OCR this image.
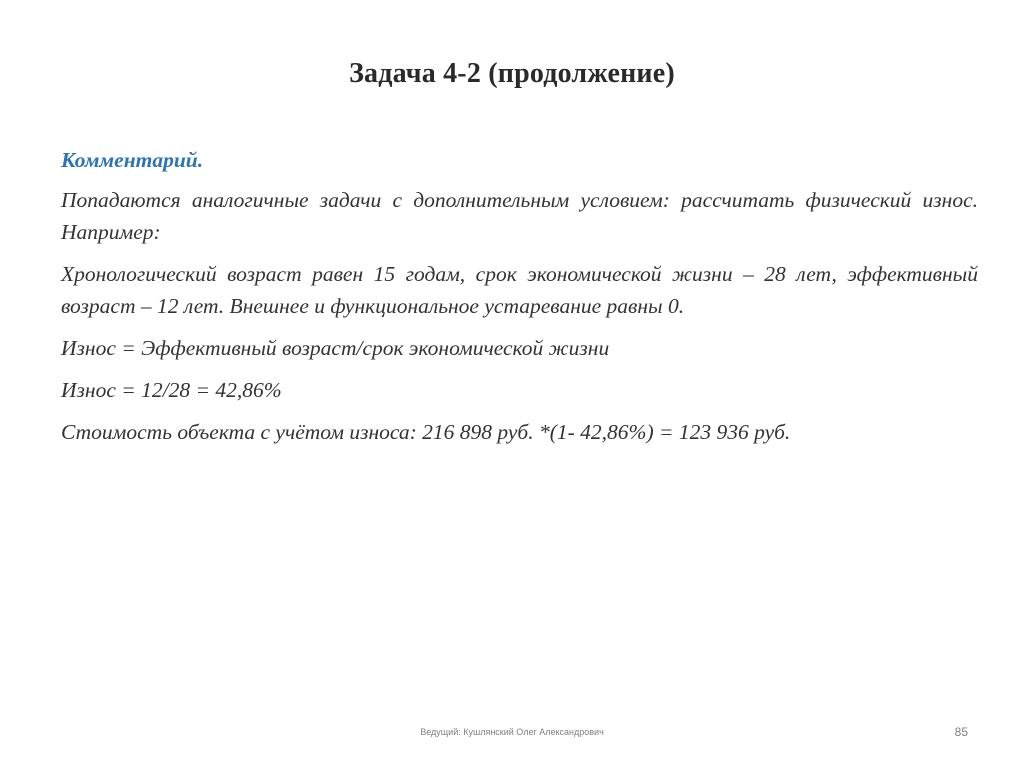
Задача 4-2 (продолжение)

Комментарий.

Попадаются аналогичные задачи с дополнительным условием: рассчитать физический износ. Например:

Хронологический возраст равен 15 годам, срок экономической жизни – 28 лет, эффективный возраст – 12 лет. Внешнее и функциональное устаревание равны 0.

Износ = Эффективный возраст/срок экономической жизни

Износ = 12/28 = 42,86%

Стоимость объекта с учётом износа: 216 898 руб. *(1- 42,86%) = 123 936 руб.

Ведущий: Кушлянский Олег Александрович	85
